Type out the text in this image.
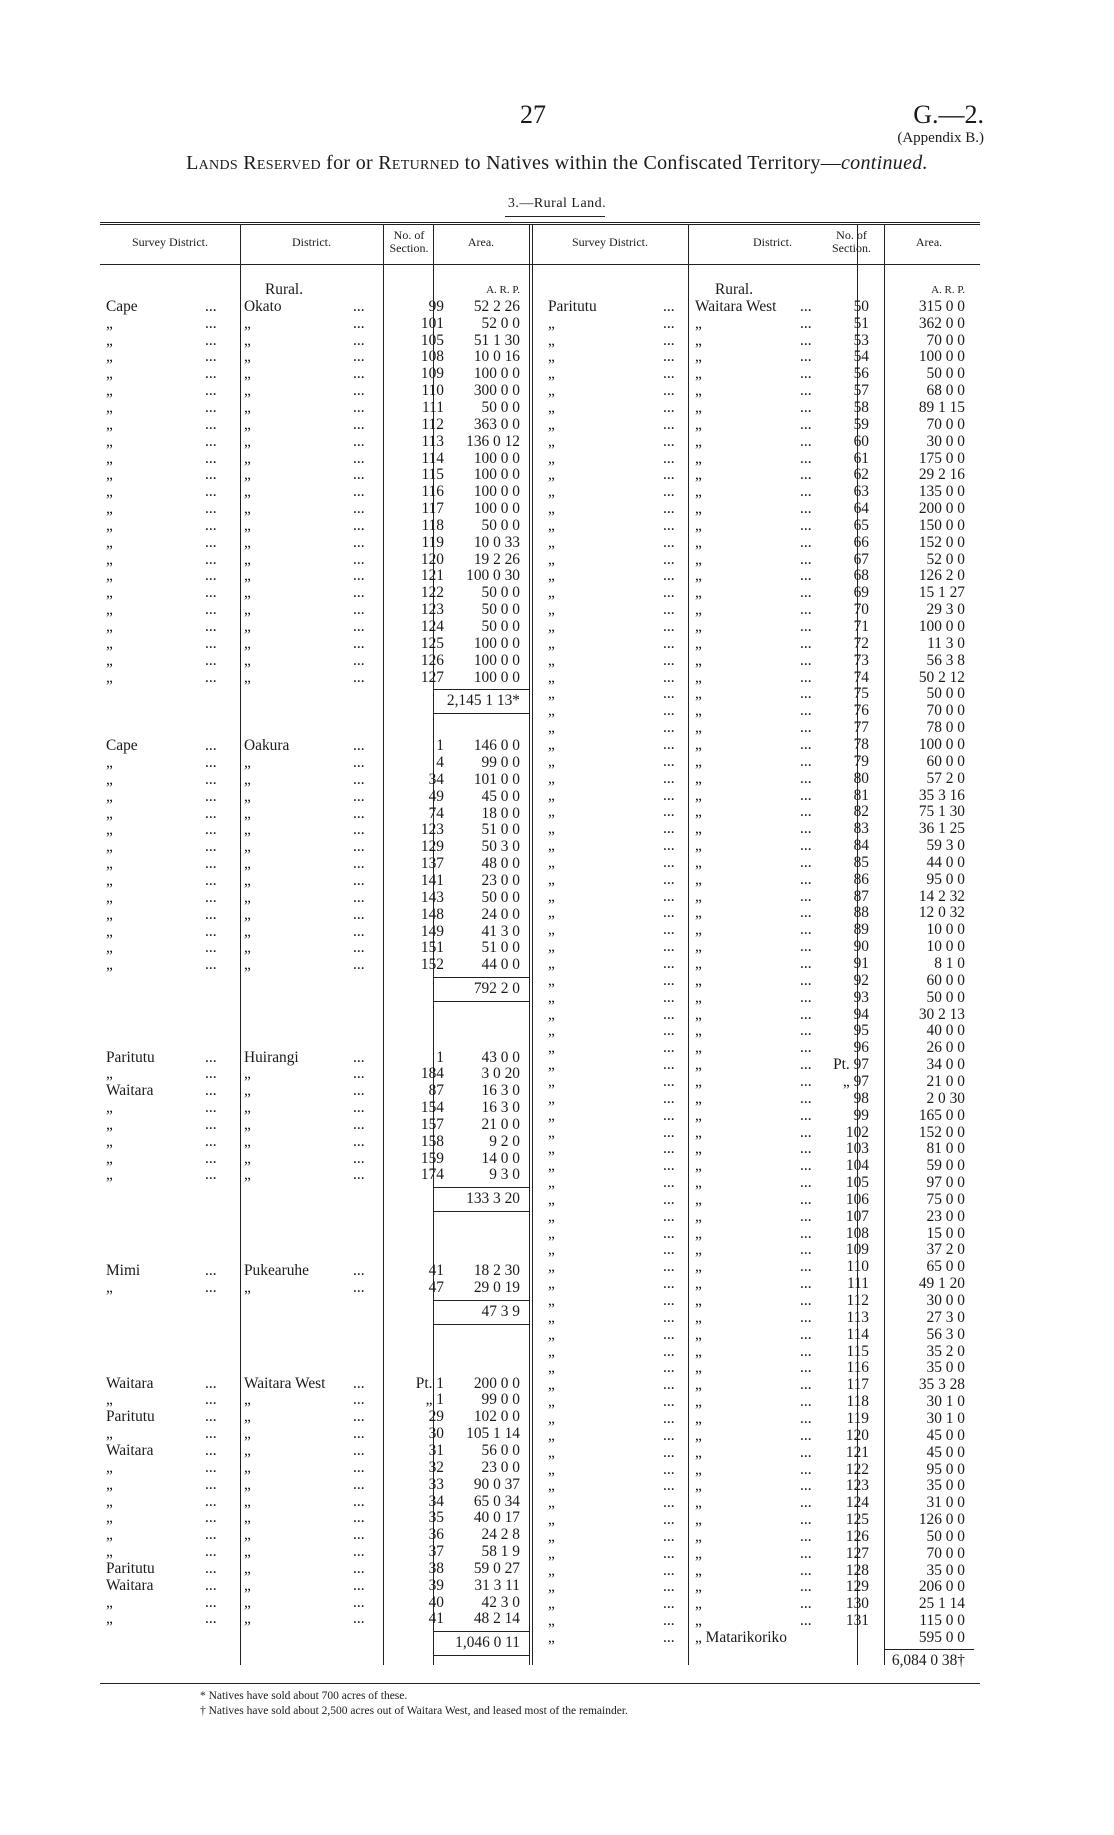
27	G.—2.
(Appendix B.)
Lands Reserved for or Returned to Natives within the Confiscated Territory—continued.
3.—Rural Land.
Survey District.	District.	No. of Section.	Area.	Survey District.	District.	No. of Section.	Area.
Rural.	A. R. P.
Cape	... Okato	...	99	52 2 26
„	... „	...	101	52 0 0
„	... „	...	105	51 1 30
„	... „	...	108	10 0 16
„	... „	...	109	100 0 0
„	... „	...	110	300 0 0
„	... „	...	111	50 0 0
„	... „	...	112	363 0 0
„	... „	...	113	136 0 12
„	... „	...	114	100 0 0
„	... „	...	115	100 0 0
„	... „	...	116	100 0 0
„	... „	...	117	100 0 0
„	... „	...	118	50 0 0
„	... „	...	119	10 0 33
„	... „	...	120	19 2 26
„	... „	...	121	100 0 30
„	... „	...	122	50 0 0
„	... „	...	123	50 0 0
„	... „	...	124	50 0 0
„	... „	...	125	100 0 0
„	... „	...	126	100 0 0
„	... „	...	127	100 0 0
2,145 1 13*
Cape	... Oakura	...	1	146 0 0
„	... „	...	4	99 0 0
„	... „	...	34	101 0 0
„	... „	...	49	45 0 0
„	... „	...	74	18 0 0
„	... „	...	123	51 0 0
„	... „	...	129	50 3 0
„	... „	...	137	48 0 0
„	... „	...	141	23 0 0
„	... „	...	143	50 0 0
„	... „	...	148	24 0 0
„	... „	...	149	41 3 0
„	... „	...	151	51 0 0
„	... „	...	152	44 0 0
792 2 0
Paritutu	... Huirangi	...	1	43 0 0
„	... „	...	184	3 0 20
Waitara	... „	...	87	16 3 0
„	... „	...	154	16 3 0
„	... „	...	157	21 0 0
„	... „	...	158	9 2 0
„	... „	...	159	14 0 0
„	... „	...	174	9 3 0
133 3 20
Mimi	... Pukearuhe	...	41	18 2 30
„	... „	...	47	29 0 19
47 3 9
Waitara	... Waitara West ...	Pt. 1	200 0 0
„	... „	...	„ 1	99 0 0
Paritutu	... „	...	29	102 0 0
„	... „	...	30	105 1 14
Waitara	... „	...	31	56 0 0
„	... „	...	32	23 0 0
„	... „	...	33	90 0 37
„	... „	...	34	65 0 34
„	... „	...	35	40 0 17
„	... „	...	36	24 2 8
„	... „	...	37	58 1 9
Paritutu	... „	...	38	59 0 27
Waitara	... „	...	39	31 3 11
„	... „	...	40	42 3 0
„	... „	...	41	48 2 14
1,046 0 11
Rural.	A. R. P.
Paritutu	... Waitara West ...	50	315 0 0
„	... „	...	51	362 0 0
„	... „	...	53	70 0 0
„	... „	...	54	100 0 0
„	... „	...	56	50 0 0
„	... „	...	57	68 0 0
„	... „	...	58	89 1 15
„	... „	...	59	70 0 0
„	... „	...	60	30 0 0
„	... „	...	61	175 0 0
„	... „	...	62	29 2 16
„	... „	...	63	135 0 0
„	... „	...	64	200 0 0
„	... „	...	65	150 0 0
„	... „	...	66	152 0 0
„	... „	...	67	52 0 0
„	... „	...	68	126 2 0
„	... „	...	69	15 1 27
„	... „	...	70	29 3 0
„	... „	...	71	100 0 0
„	... „	...	72	11 3 0
„	... „	...	73	56 3 8
„	... „	...	74	50 2 12
„	... „	...	75	50 0 0
„	... „	...	76	70 0 0
„	... „	...	77	78 0 0
„	... „	...	78	100 0 0
„	... „	...	79	60 0 0
„	... „	...	80	57 2 0
„	... „	...	81	35 3 16
„	... „	...	82	75 1 30
„	... „	...	83	36 1 25
„	... „	...	84	59 3 0
„	... „	...	85	44 0 0
„	... „	...	86	95 0 0
„	... „	...	87	14 2 32
„	... „	...	88	12 0 32
„	... „	...	89	10 0 0
„	... „	...	90	10 0 0
„	... „	...	91	8 1 0
„	... „	...	92	60 0 0
„	... „	...	93	50 0 0
„	... „	...	94	30 2 13
„	... „	...	95	40 0 0
„	... „	...	96	26 0 0
„	... „	...	Pt. 97	34 0 0
„	... „	...	„ 97	21 0 0
„	... „	...	98	2 0 30
„	... „	...	99	165 0 0
„	... „	...	102	152 0 0
„	... „	...	103	81 0 0
„	... „	...	104	59 0 0
„	... „	...	105	97 0 0
„	... „	...	106	75 0 0
„	... „	...	107	23 0 0
„	... „	...	108	15 0 0
„	... „	...	109	37 2 0
„	... „	...	110	65 0 0
„	... „	...	111	49 1 20
„	... „	...	112	30 0 0
„	... „	...	113	27 3 0
„	... „	...	114	56 3 0
„	... „	...	115	35 2 0
„	... „	...	116	35 0 0
„	... „	...	117	35 3 28
„	... „	...	118	30 1 0
„	... „	...	119	30 1 0
„	... „	...	120	45 0 0
„	... „	...	121	45 0 0
„	... „	...	122	95 0 0
„	... „	...	123	35 0 0
„	... „	...	124	31 0 0
„	... „	...	125	126 0 0
„	... „	...	126	50 0 0
„	... „	...	127	70 0 0
„	... „	...	128	35 0 0
„	... „	...	129	206 0 0
„	... „	...	130	25 1 14
„	... „	...	131	115 0 0
„	... „ Matarikoriko	595 0 0
6,084 0 38†
* Natives have sold about 700 acres of these.
† Natives have sold about 2,500 acres out of Waitara West, and leased most of the remainder.
